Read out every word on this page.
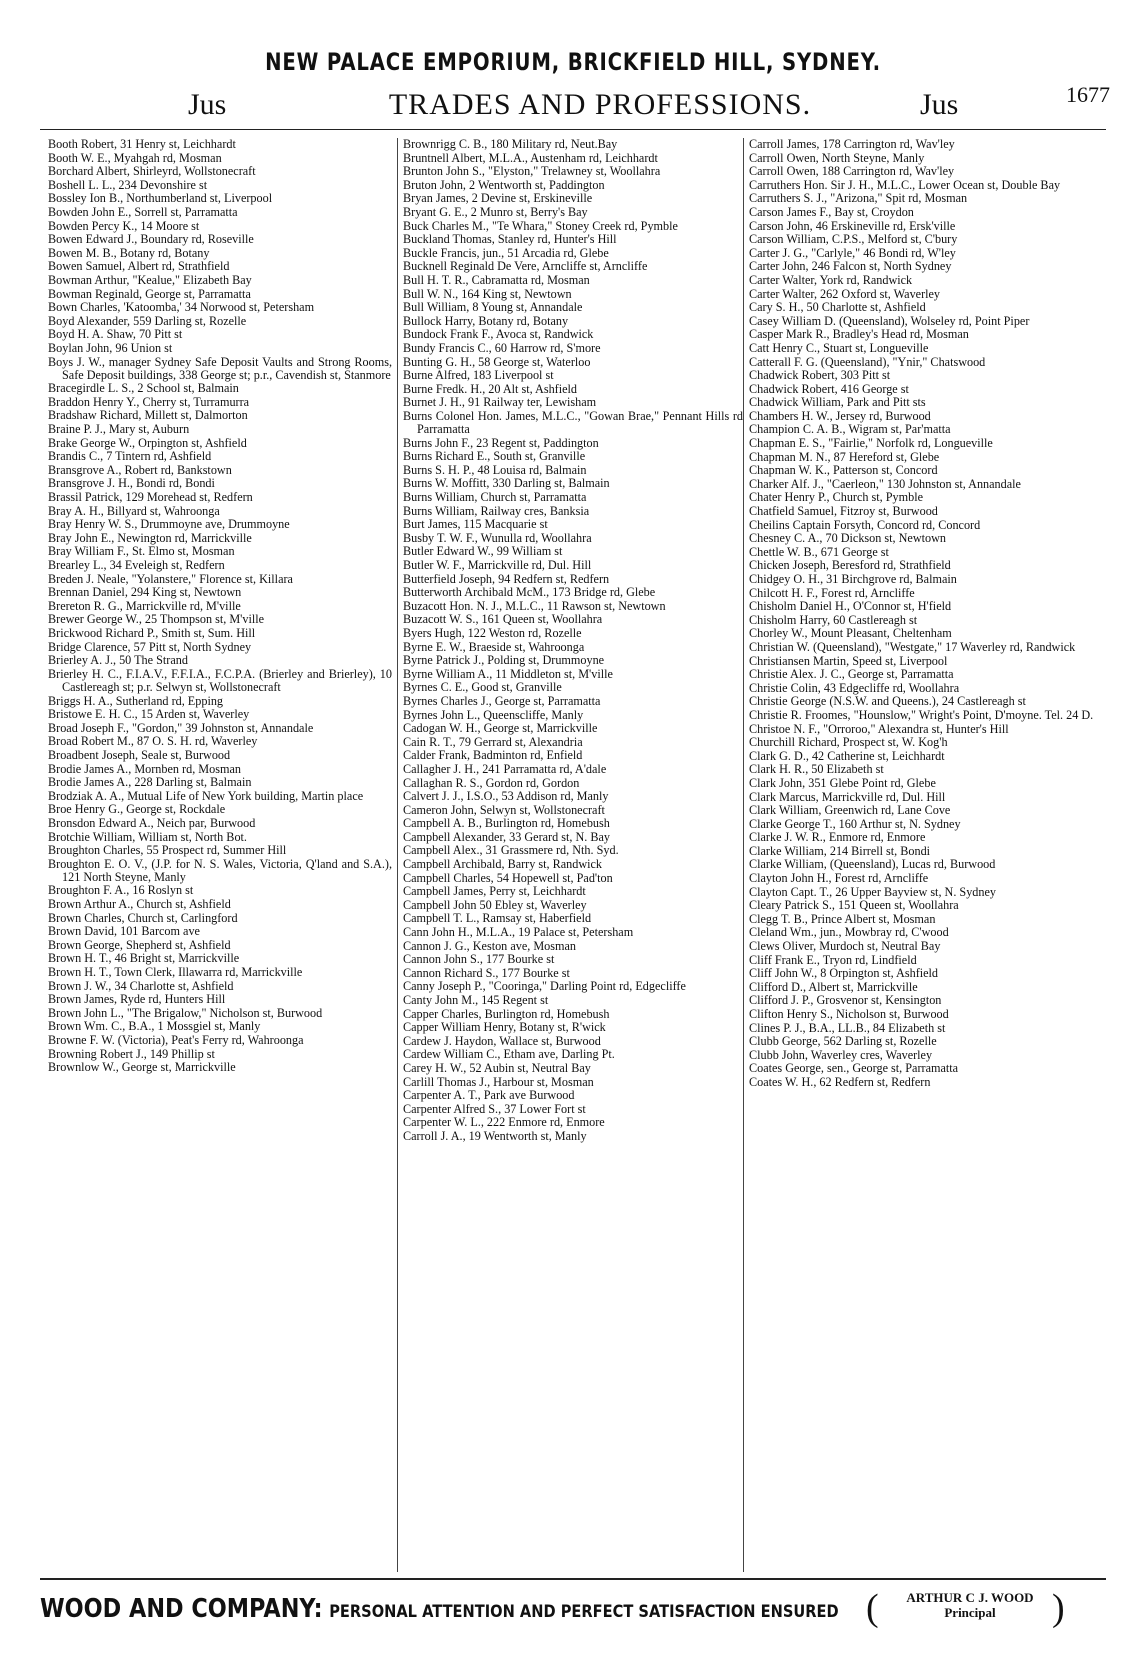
NEW PALACE EMPORIUM, BRICKFIELD HILL, SYDNEY.
Jus	TRADES AND PROFESSIONS.	Jus	1677
Booth Robert, 31 Henry st, Leichhardt
Booth W. E., Myahgah rd, Mosman
Borchard Albert, Shirleyrd, Wollstonecraft
Boshell L. L., 234 Devonshire st
Bossley Ion B., Northumberland st, Liverpool
Bowden John E., Sorrell st, Parramatta
Bowden Percy K., 14 Moore st
Bowen Edward J., Boundary rd, Roseville
Bowen M. B., Botany rd, Botany
Bowen Samuel, Albert rd, Strathfield
Bowman Arthur, "Kealue," Elizabeth Bay
Bowman Reginald, George st, Parramatta
Bown Charles, 'Katoomba,' 34 Norwood st, Petersham
Boyd Alexander, 559 Darling st, Rozelle
Boyd H. A. Shaw, 70 Pitt st
Boylan John, 96 Union st
Boys J. W., manager Sydney Safe Deposit Vaults and Strong Rooms, Safe Deposit buildings, 338 George st; p.r., Cavendish st, Stanmore
Bracegirdle L. S., 2 School st, Balmain
Braddon Henry Y., Cherry st, Turramurra
Bradshaw Richard, Millett st, Dalmorton
Braine P. J., Mary st, Auburn
Brake George W., Orpington st, Ashfield
Brandis C., 7 Tintern rd, Ashfield
Bransgrove A., Robert rd, Bankstown
Bransgrove J. H., Bondi rd, Bondi
Brassil Patrick, 129 Morehead st, Redfern
Bray A. H., Billyard st, Wahroonga
Bray Henry W. S., Drummoyne ave, Drummoyne
Bray John E., Newington rd, Marrickville
Bray William F., St. Elmo st, Mosman
Brearley L., 34 Eveleigh st, Redfern
Breden J. Neale, "Yolanstere," Florence st, Killara
Brennan Daniel, 294 King st, Newtown
Brereton R. G., Marrickville rd, M'ville
Brewer George W., 25 Thompson st, M'ville
Brickwood Richard P., Smith st, Sum. Hill
Bridge Clarence, 57 Pitt st, North Sydney
Brierley A. J., 50 The Strand
Brierley H. C., F.I.A.V., F.F.I.A., F.C.P.A. (Brierley and Brierley), 10 Castlereagh st; p.r. Selwyn st, Wollstonecraft
Briggs H. A., Sutherland rd, Epping
Bristowe E. H. C., 15 Arden st, Waverley
Broad Joseph F., "Gordon," 39 Johnston st, Annandale
Broad Robert M., 87 O. S. H. rd, Waverley
Broadbent Joseph, Seale st, Burwood
Brodie James A., Mornben rd, Mosman
Brodie James A., 228 Darling st, Balmain
Brodziak A. A., Mutual Life of New York building, Martin place
Broe Henry G., George st, Rockdale
Bronsdon Edward A., Neich par, Burwood
Brotchie William, William st, North Bot.
Broughton Charles, 55 Prospect rd, Summer Hill
Broughton E. O. V., (J.P. for N. S. Wales, Victoria, Q'land and S.A.), 121 North Steyne, Manly
Broughton F. A., 16 Roslyn st
Brown Arthur A., Church st, Ashfield
Brown Charles, Church st, Carlingford
Brown David, 101 Barcom ave
Brown George, Shepherd st, Ashfield
Brown H. T., 46 Bright st, Marrickville
Brown H. T., Town Clerk, Illawarra rd, Marrickville
Brown J. W., 34 Charlotte st, Ashfield
Brown James, Ryde rd, Hunters Hill
Brown John L., "The Brigalow," Nicholson st, Burwood
Brown Wm. C., B.A., 1 Mossgiel st, Manly
Browne F. W. (Victoria), Peat's Ferry rd, Wahroonga
Browning Robert J., 149 Phillip st
Brownlow W., George st, Marrickville
Brownrigg C. B., 180 Military rd, Neut.Bay
Bruntnell Albert, M.L.A., Austenham rd, Leichhardt
Brunton John S., "Elyston," Trelawney st, Woollahra
Bruton John, 2 Wentworth st, Paddington
Bryan James, 2 Devine st, Erskineville
Bryant G. E., 2 Munro st, Berry's Bay
Buck Charles M., "Te Whara," Stoney Creek rd, Pymble
Buckland Thomas, Stanley rd, Hunter's Hill
Buckle Francis, jun., 51 Arcadia rd, Glebe
Bucknell Reginald De Vere, Arncliffe st, Arncliffe
Bull H. T. R., Cabramatta rd, Mosman
Bull W. N., 164 King st, Newtown
Bull William, 8 Young st, Annandale
Bullock Harry, Botany rd, Botany
Bundock Frank F., Avoca st, Randwick
Bundy Francis C., 60 Harrow rd, S'more
Bunting G. H., 58 George st, Waterloo
Burne Alfred, 183 Liverpool st
Burne Fredk. H., 20 Alt st, Ashfield
Burnet J. H., 91 Railway ter, Lewisham
Burns Colonel Hon. James, M.L.C., "Gowan Brae," Pennant Hills rd Parramatta
Burns John F., 23 Regent st, Paddington
Burns Richard E., South st, Granville
Burns S. H. P., 48 Louisa rd, Balmain
Burns W. Moffitt, 330 Darling st, Balmain
Burns William, Church st, Parramatta
Burns William, Railway cres, Banksia
Burt James, 115 Macquarie st
Busby T. W. F., Wunulla rd, Woollahra
Butler Edward W., 99 William st
Butler W. F., Marrickville rd, Dul. Hill
Butterfield Joseph, 94 Redfern st, Redfern
Butterworth Archibald McM., 173 Bridge rd, Glebe
Buzacott Hon. N. J., M.L.C., 11 Rawson st, Newtown
Buzacott W. S., 161 Queen st, Woollahra
Byers Hugh, 122 Weston rd, Rozelle
Byrne E. W., Braeside st, Wahroonga
Byrne Patrick J., Polding st, Drummoyne
Byrne William A., 11 Middleton st, M'ville
Byrnes C. E., Good st, Granville
Byrnes Charles J., George st, Parramatta
Byrnes John L., Queenscliffe, Manly
Cadogan W. H., George st, Marrickville
Cain R. T., 79 Gerrard st, Alexandria
Calder Frank, Badminton rd, Enfield
Callagher J. H., 241 Parramatta rd, A'dale
Callaghan R. S., Gordon rd, Gordon
Calvert J. J., I.S.O., 53 Addison rd, Manly
Cameron John, Selwyn st, Wollstonecraft
Campbell A. B., Burlington rd, Homebush
Campbell Alexander, 33 Gerard st, N. Bay
Campbell Alex., 31 Grassmere rd, Nth. Syd.
Campbell Archibald, Barry st, Randwick
Campbell Charles, 54 Hopewell st, Pad'ton
Campbell James, Perry st, Leichhardt
Campbell John 50 Ebley st, Waverley
Campbell T. L., Ramsay st, Haberfield
Cann John H., M.L.A., 19 Palace st, Petersham
Cannon J. G., Keston ave, Mosman
Cannon John S., 177 Bourke st
Cannon Richard S., 177 Bourke st
Canny Joseph P., "Cooringa," Darling Point rd, Edgecliffe
Canty John M., 145 Regent st
Capper Charles, Burlington rd, Homebush
Capper William Henry, Botany st, R'wick
Cardew J. Haydon, Wallace st, Burwood
Cardew William C., Etham ave, Darling Pt.
Carey H. W., 52 Aubin st, Neutral Bay
Carlill Thomas J., Harbour st, Mosman
Carpenter A. T., Park ave Burwood
Carpenter Alfred S., 37 Lower Fort st
Carpenter W. L., 222 Enmore rd, Enmore
Carroll J. A., 19 Wentworth st, Manly
Carroll James, 178 Carrington rd, Wav'ley
Carroll Owen, North Steyne, Manly
Carroll Owen, 188 Carrington rd, Wav'ley
Carruthers Hon. Sir J. H., M.L.C., Lower Ocean st, Double Bay
Carruthers S. J., "Arizona," Spit rd, Mosman
Carson James F., Bay st, Croydon
Carson John, 46 Erskineville rd, Ersk'ville
Carson William, C.P.S., Melford st, C'bury
Carter J. G., "Carlyle," 46 Bondi rd, W'ley
Carter John, 246 Falcon st, North Sydney
Carter Walter, York rd, Randwick
Carter Walter, 262 Oxford st, Waverley
Cary S. H., 50 Charlotte st, Ashfield
Casey William D. (Queensland), Wolseley rd, Point Piper
Casper Mark R., Bradley's Head rd, Mosman
Catt Henry C., Stuart st, Longueville
Catterall F. G. (Queensland), "Ynir," Chatswood
Chadwick Robert, 303 Pitt st
Chadwick Robert, 416 George st
Chadwick William, Park and Pitt sts
Chambers H. W., Jersey rd, Burwood
Champion C. A. B., Wigram st, Par'matta
Chapman E. S., "Fairlie," Norfolk rd, Longueville
Chapman M. N., 87 Hereford st, Glebe
Chapman W. K., Patterson st, Concord
Charker Alf. J., "Caerleon," 130 Johnston st, Annandale
Chater Henry P., Church st, Pymble
Chatfield Samuel, Fitzroy st, Burwood
Cheilins Captain Forsyth, Concord rd, Concord
Chesney C. A., 70 Dickson st, Newtown
Chettle W. B., 671 George st
Chicken Joseph, Beresford rd, Strathfield
Chidgey O. H., 31 Birchgrove rd, Balmain
Chilcott H. F., Forest rd, Arncliffe
Chisholm Daniel H., O'Connor st, H'field
Chisholm Harry, 60 Castlereagh st
Chorley W., Mount Pleasant, Cheltenham
Christian W. (Queensland), "Westgate," 17 Waverley rd, Randwick
Christiansen Martin, Speed st, Liverpool
Christie Alex. J. C., George st, Parramatta
Christie Colin, 43 Edgecliffe rd, Woollahra
Christie George (N.S.W. and Queens.), 24 Castlereagh st
Christie R. Froomes, "Hounslow," Wright's Point, D'moyne. Tel. 24 D.
Christoe N. F., "Orroroo," Alexandra st, Hunter's Hill
Churchill Richard, Prospect st, W. Kog'h
Clark G. D., 42 Catherine st, Leichhardt
Clark H. R., 50 Elizabeth st
Clark John, 351 Glebe Point rd, Glebe
Clark Marcus, Marrickville rd, Dul. Hill
Clark William, Greenwich rd, Lane Cove
Clarke George T., 160 Arthur st, N. Sydney
Clarke J. W. R., Enmore rd, Enmore
Clarke William, 214 Birrell st, Bondi
Clarke William, (Queensland), Lucas rd, Burwood
Clayton John H., Forest rd, Arncliffe
Clayton Capt. T., 26 Upper Bayview st, N. Sydney
Cleary Patrick S., 151 Queen st, Woollahra
Clegg T. B., Prince Albert st, Mosman
Cleland Wm., jun., Mowbray rd, C'wood
Clews Oliver, Murdoch st, Neutral Bay
Cliff Frank E., Tryon rd, Lindfield
Cliff John W., 8 Orpington st, Ashfield
Clifford D., Albert st, Marrickville
Clifford J. P., Grosvenor st, Kensington
Clifton Henry S., Nicholson st, Burwood
Clines P. J., B.A., LL.B., 84 Elizabeth st
Clubb George, 562 Darling st, Rozelle
Clubb John, Waverley cres, Waverley
Coates George, sen., George st, Parramatta
Coates W. H., 62 Redfern st, Redfern
WOOD AND COMPANY: PERSONAL ATTENTION AND PERFECT SATISFACTION ENSURED (	ARTHUR C J. WOOD
Principal	)
